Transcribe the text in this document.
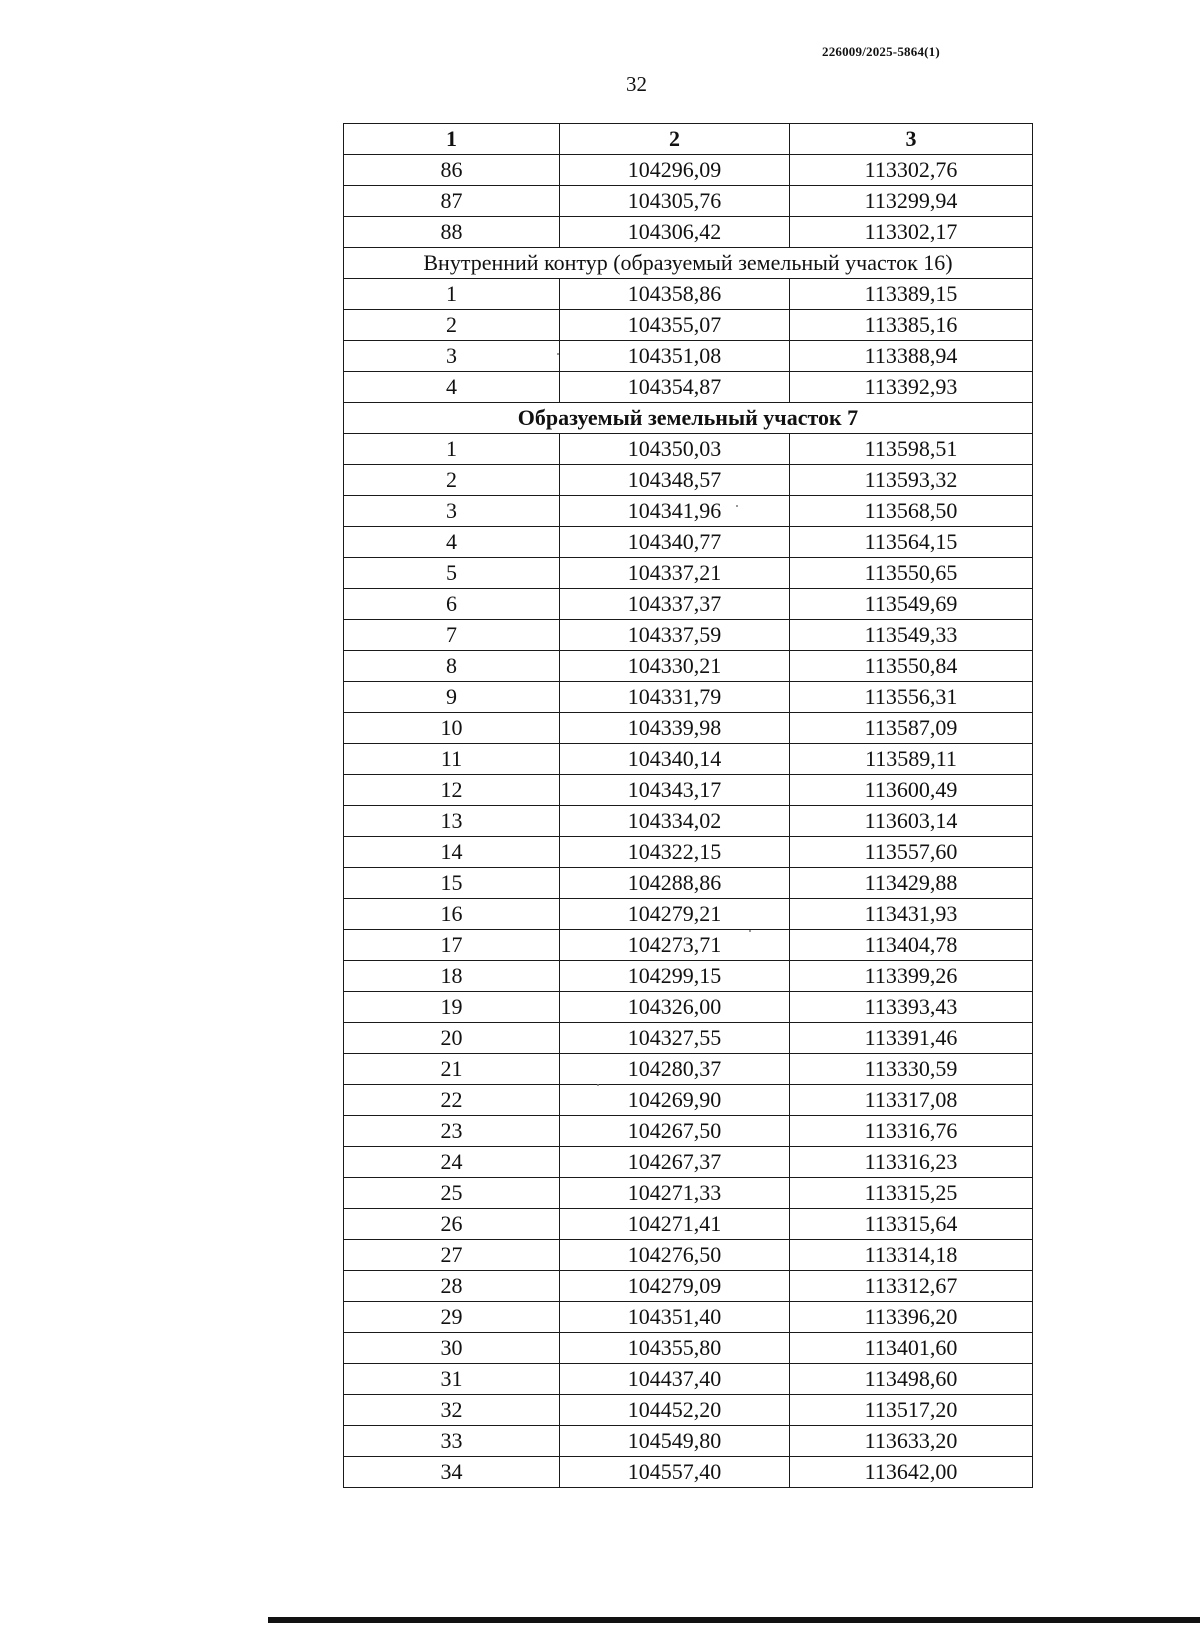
226009/2025-5864(1)
32
1	2	3
86	104296,09	113302,76
87	104305,76	113299,94
88	104306,42	113302,17
Внутренний контур (образуемый земельный участок 16)		
1	104358,86	113389,15
2	104355,07	113385,16
3	104351,08	113388,94
4	104354,87	113392,93
Образуемый земельный участок 7		
1	104350,03	113598,51
2	104348,57	113593,32
3	104341,96	113568,50
4	104340,77	113564,15
5	104337,21	113550,65
6	104337,37	113549,69
7	104337,59	113549,33
8	104330,21	113550,84
9	104331,79	113556,31
10	104339,98	113587,09
11	104340,14	113589,11
12	104343,17	113600,49
13	104334,02	113603,14
14	104322,15	113557,60
15	104288,86	113429,88
16	104279,21	113431,93
17	104273,71	113404,78
18	104299,15	113399,26
19	104326,00	113393,43
20	104327,55	113391,46
21	104280,37	113330,59
22	104269,90	113317,08
23	104267,50	113316,76
24	104267,37	113316,23
25	104271,33	113315,25
26	104271,41	113315,64
27	104276,50	113314,18
28	104279,09	113312,67
29	104351,40	113396,20
30	104355,80	113401,60
31	104437,40	113498,60
32	104452,20	113517,20
33	104549,80	113633,20
34	104557,40	113642,00
